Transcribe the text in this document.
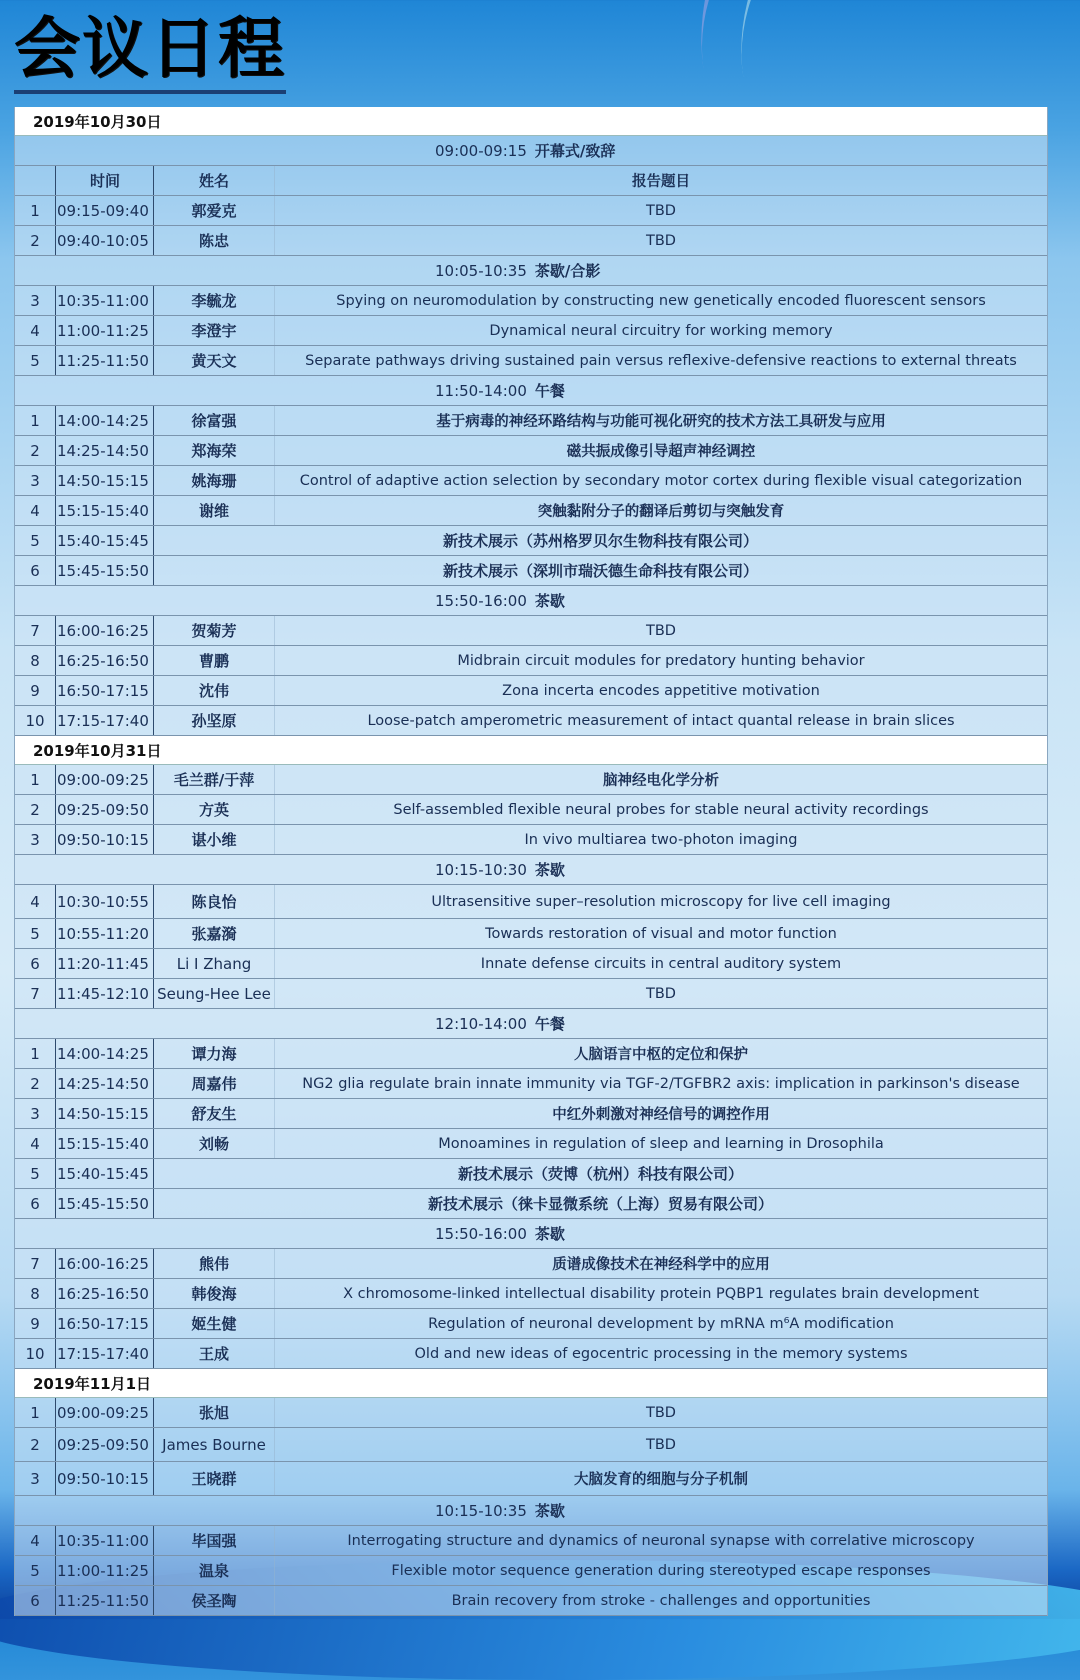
会议日程
2019年10月30日
09:00-09:15 开幕式/致辞
时间	姓名	报告题目
1	09:15-09:40	郭爱克	TBD
2	09:40-10:05	陈忠	TBD
10:05-10:35 茶歇/合影
3	10:35-11:00	李毓龙	Spying on neuromodulation by constructing new genetically encoded fluorescent sensors
4	11:00-11:25	李澄宇	Dynamical neural circuitry for working memory
5	11:25-11:50	黄天文	Separate pathways driving sustained pain versus reflexive-defensive reactions to external threats
11:50-14:00 午餐
1	14:00-14:25	徐富强	基于病毒的神经环路结构与功能可视化研究的技术方法工具研发与应用
2	14:25-14:50	郑海荣	磁共振成像引导超声神经调控
3	14:50-15:15	姚海珊	Control of adaptive action selection by secondary motor cortex during flexible visual categorization
4	15:15-15:40	谢维	突触黏附分子的翻译后剪切与突触发育
5	15:40-15:45	新技术展示（苏州格罗贝尔生物科技有限公司）
6	15:45-15:50	新技术展示（深圳市瑞沃德生命科技有限公司）
15:50-16:00 茶歇
7	16:00-16:25	贺菊芳	TBD
8	16:25-16:50	曹鹏	Midbrain circuit modules for predatory hunting behavior
9	16:50-17:15	沈伟	Zona incerta encodes appetitive motivation
10 17:15-17:40	孙坚原	Loose-patch amperometric measurement of intact quantal release in brain slices
2019年10月31日
1	09:00-09:25	毛兰群/于萍	脑神经电化学分析
2	09:25-09:50	方英	Self-assembled flexible neural probes for stable neural activity recordings
3	09:50-10:15	谌小维	In vivo multiarea two-photon imaging
10:15-10:30 茶歇
4	10:30-10:55	陈良怡	Ultrasensitive super–resolution microscopy for live cell imaging
5	10:55-11:20	张嘉漪	Towards restoration of visual and motor function
6	11:20-11:45	Li I Zhang	Innate defense circuits in central auditory system
7	11:45-12:10 Seung-Hee Lee	TBD
12:10-14:00 午餐
1	14:00-14:25	谭力海	人脑语言中枢的定位和保护
2	14:25-14:50	周嘉伟	NG2 glia regulate brain innate immunity via TGF-2/TGFBR2 axis: implication in parkinson's disease
3	14:50-15:15	舒友生	中红外刺激对神经信号的调控作用
4	15:15-15:40	刘畅	Monoamines in regulation of sleep and learning in Drosophila
5	15:40-15:45	新技术展示（荧博（杭州）科技有限公司）
6	15:45-15:50	新技术展示（徕卡显微系统（上海）贸易有限公司）
15:50-16:00 茶歇
7	16:00-16:25	熊伟	质谱成像技术在神经科学中的应用
8	16:25-16:50	韩俊海	X chromosome-linked intellectual disability protein PQBP1 regulates brain development
9	16:50-17:15	姬生健	Regulation of neuronal development by mRNA m⁶A modification
10 17:15-17:40	王成	Old and new ideas of egocentric processing in the memory systems
2019年11月1日
1	09:00-09:25	张旭	TBD
2	09:25-09:50 James Bourne	TBD
3	09:50-10:15	王晓群	大脑发育的细胞与分子机制
10:15-10:35 茶歇
4	10:35-11:00	毕国强	Interrogating structure and dynamics of neuronal synapse with correlative microscopy
5	11:00-11:25	温泉	Flexible motor sequence generation during stereotyped escape responses
6	11:25-11:50	侯圣陶	Brain recovery from stroke - challenges and opportunities
